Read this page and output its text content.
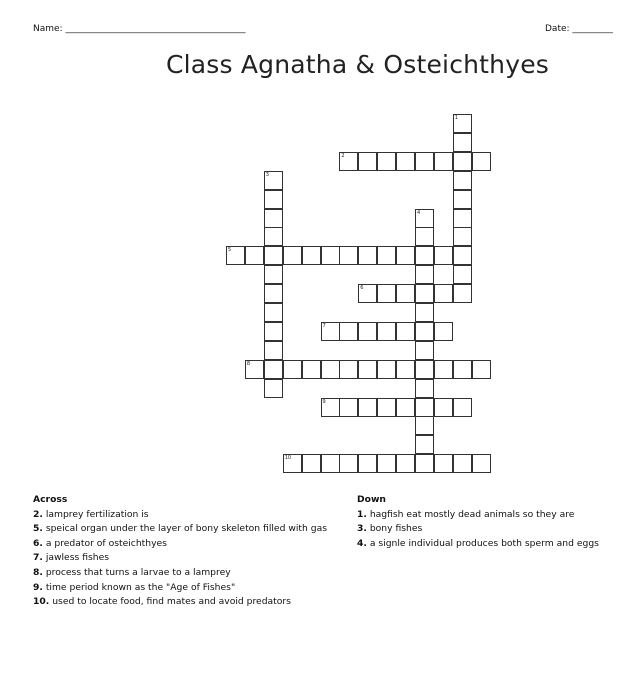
Name: ________________________________________	Date: _________
Class Agnatha & Osteichthyes
1
2
3
4
5
6
7
8
9
10
Across
2. lamprey fertilization is
5. speical organ under the layer of bony skeleton filled with gas
6. a predator of osteichthyes
7. jawless fishes
8. process that turns a larvae to a lamprey
9. time period known as the "Age of Fishes"
10. used to locate food, find mates and avoid predators
Down
1. hagfish eat mostly dead animals so they are
3. bony fishes
4. a signle individual produces both sperm and eggs
